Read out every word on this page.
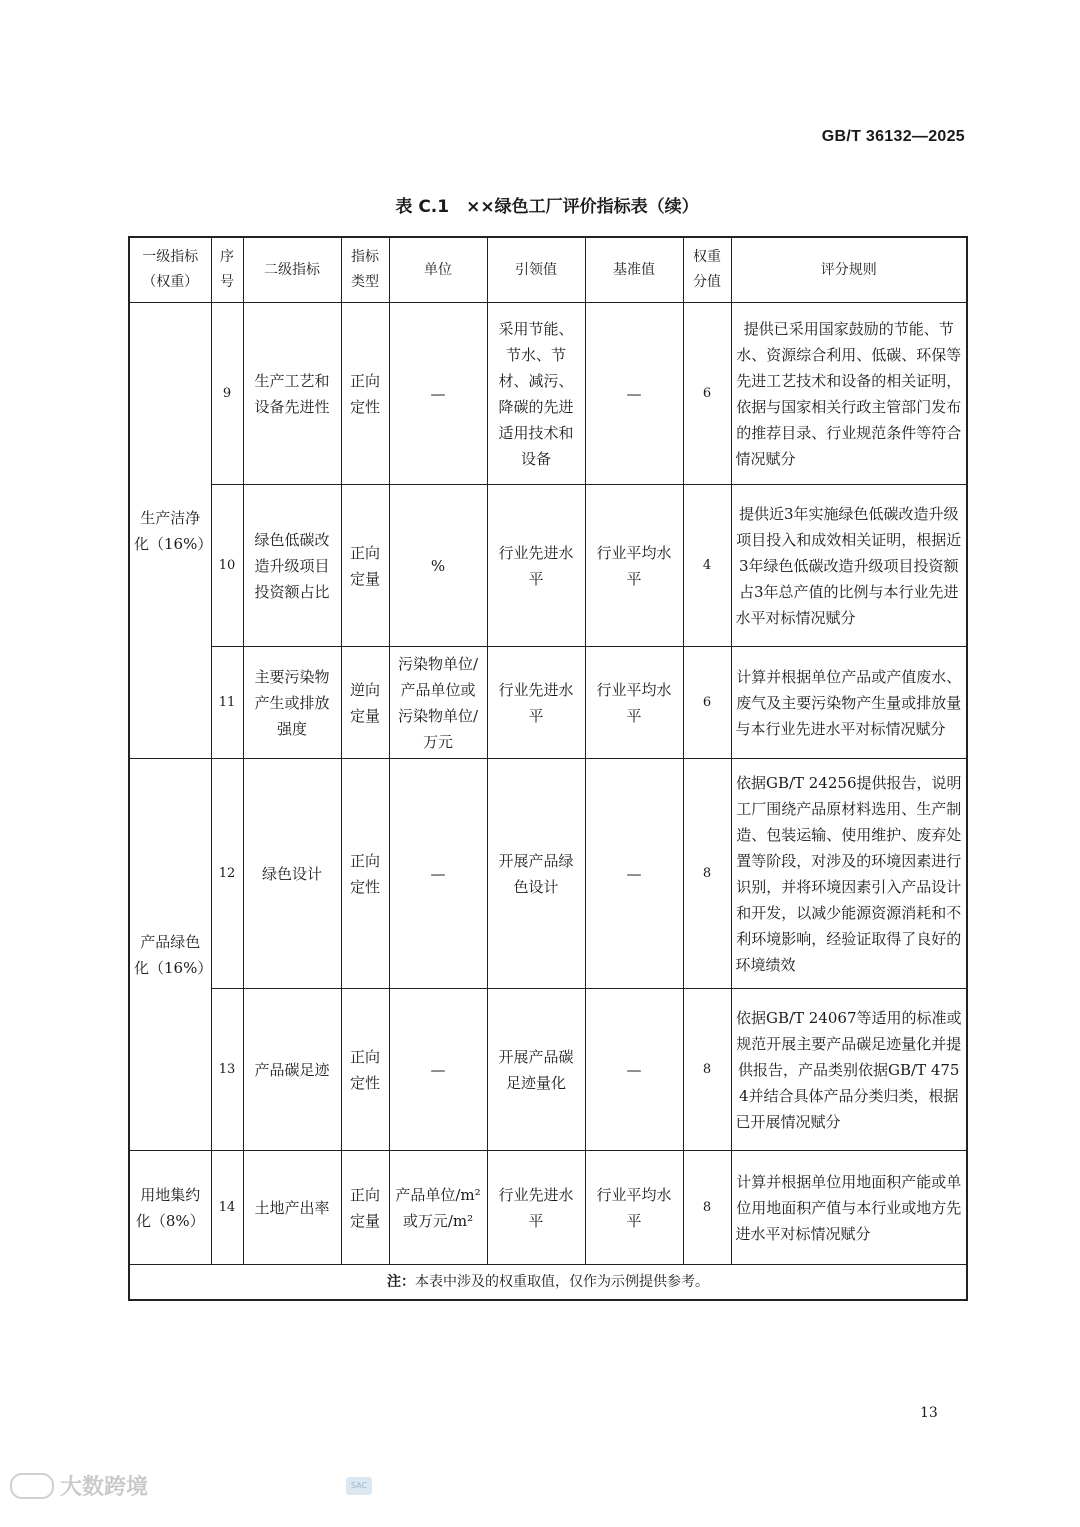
GB/T 36132—2025
表 C.1　××绿色工厂评价指标表（续）
一级指标（权重）	序号	二级指标	指标类型	单位	引领值	基准值	权重分值	评分规则
生产洁净化（16%）	9	生产工艺和设备先进性	正向定性	—	采用节能、节水、节材、减污、降碳的先进适用技术和设备	—	6	提供已采用国家鼓励的节能、节水、资源综合利用、低碳、环保等先进工艺技术和设备的相关证明，依据与国家相关行政主管部门发布的推荐目录、行业规范条件等符合情况赋分
	10	绿色低碳改造升级项目投资额占比	正向定量	%	行业先进水平	行业平均水平	4	提供近3年实施绿色低碳改造升级项目投入和成效相关证明，根据近3年绿色低碳改造升级项目投资额占3年总产值的比例与本行业先进水平对标情况赋分
	11	主要污染物产生或排放强度	逆向定量	污染物单位/产品单位或污染物单位/万元	行业先进水平	行业平均水平	6	计算并根据单位产品或产值废水、废气及主要污染物产生量或排放量与本行业先进水平对标情况赋分
产品绿色化（16%）	12	绿色设计	正向定性	—	开展产品绿色设计	—	8	依据GB/T 24256提供报告，说明工厂围绕产品原材料选用、生产制造、包装运输、使用维护、废弃处置等阶段，对涉及的环境因素进行识别，并将环境因素引入产品设计和开发，以减少能源资源消耗和不利环境影响，经验证取得了良好的环境绩效
	13	产品碳足迹	正向定性	—	开展产品碳足迹量化	—	8	依据GB/T 24067等适用的标准或规范开展主要产品碳足迹量化并提供报告，产品类别依据GB/T 4754并结合具体产品分类归类，根据已开展情况赋分
用地集约化（8%）	14	土地产出率	正向定量	产品单位/m² 或万元/m²	行业先进水平	行业平均水平	8	计算并根据单位用地面积产能或单位用地面积产值与本行业或地方先进水平对标情况赋分
注：本表中涉及的权重取值，仅作为示例提供参考。								
13
大数跨境	SAC
